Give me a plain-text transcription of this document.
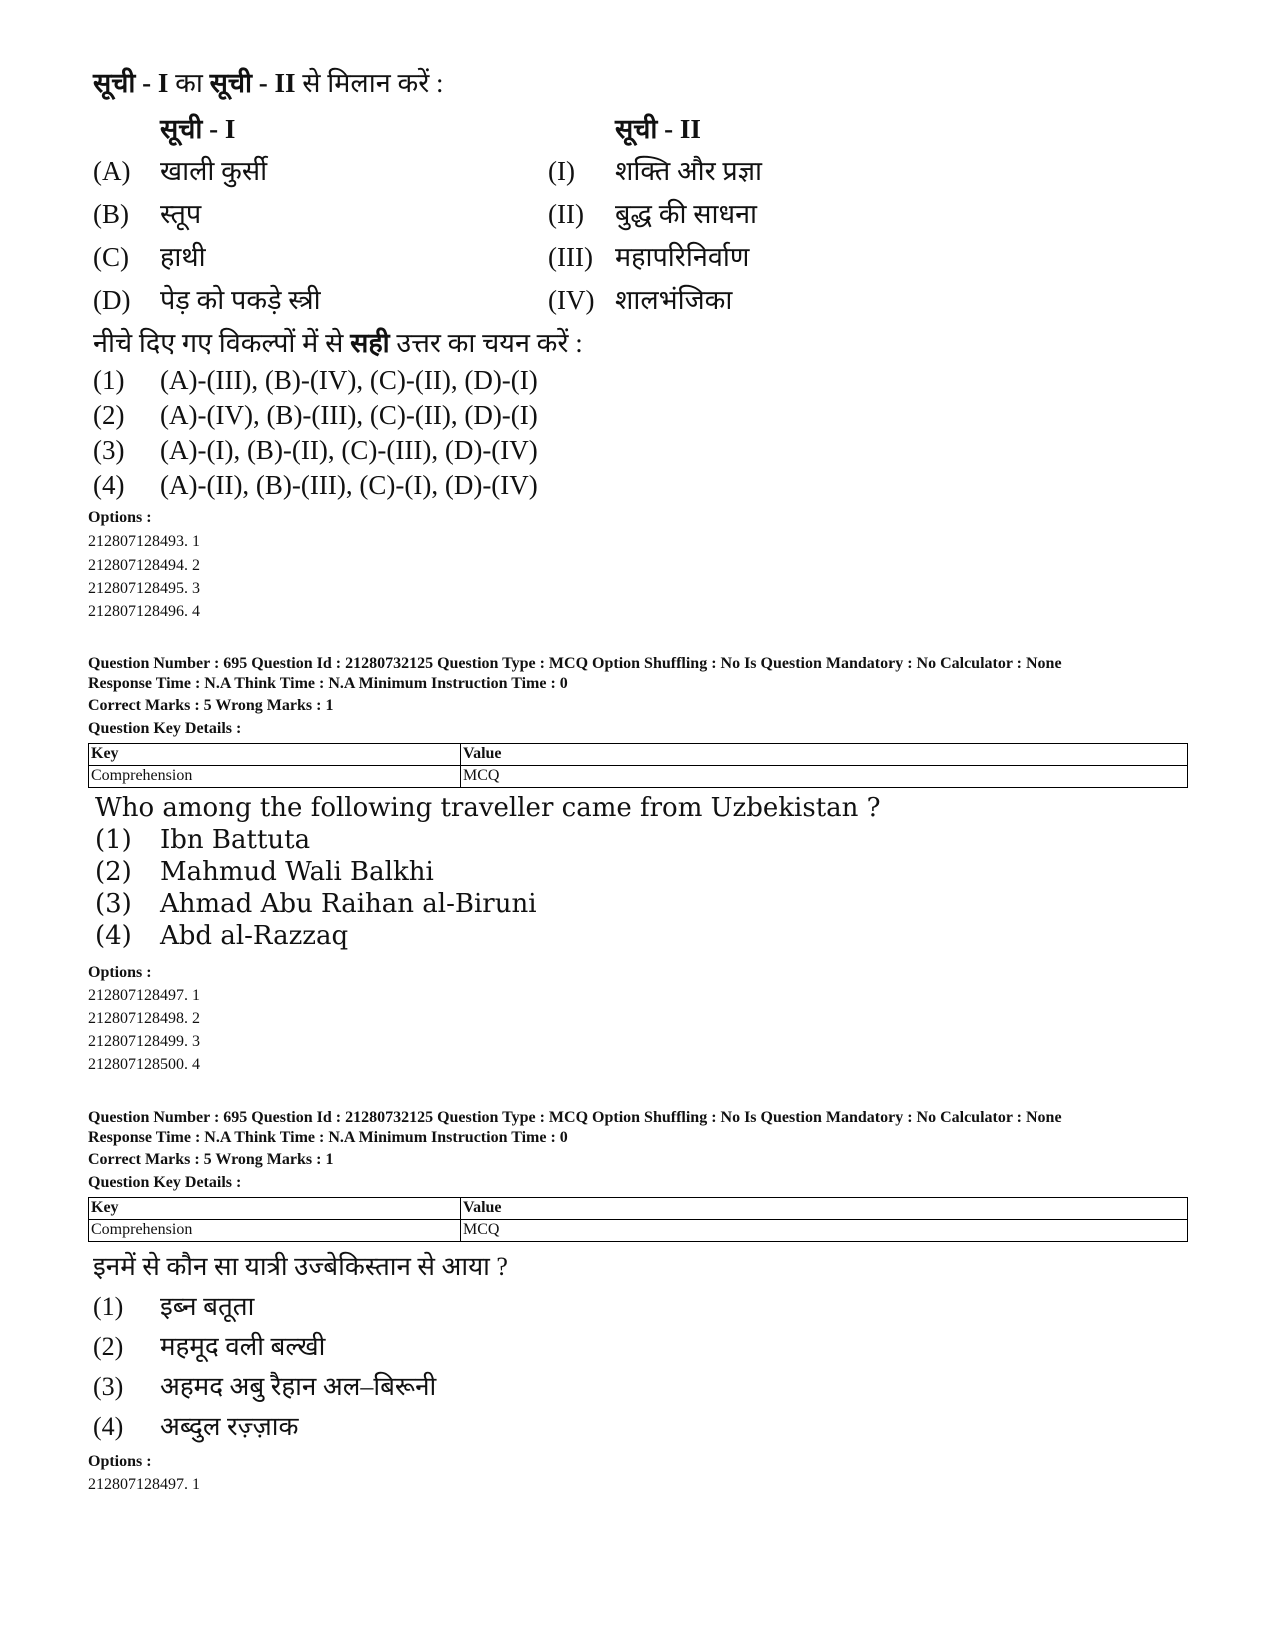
सूची - I का सूची - II से मिलान करें :
सूची - I	सूची - II
(A)	खाली कुर्सी	(I)	शक्ति और प्रज्ञा
(B)	स्तूप	(II)	बुद्ध की साधना
(C)	हाथी	(III) महापरिनिर्वाण
(D)	पेड़ को पकड़े स्त्री	(IV) शालभंजिका
नीचे दिए गए विकल्पों में से सही उत्तर का चयन करें :
(1) (A)-(III), (B)-(IV), (C)-(II), (D)-(I)
(2) (A)-(IV), (B)-(III), (C)-(II), (D)-(I)
(3) (A)-(I), (B)-(II), (C)-(III), (D)-(IV)
(4) (A)-(II), (B)-(III), (C)-(I), (D)-(IV)
Options :
212807128493. 1
212807128494. 2
212807128495. 3
212807128496. 4
Question Number : 695 Question Id : 21280732125 Question Type : MCQ Option Shuffling : No Is Question Mandatory : No Calculator : None
Response Time : N.A Think Time : N.A Minimum Instruction Time : 0
Correct Marks : 5 Wrong Marks : 1
Question Key Details :
Key	Value
Comprehension	MCQ
Who among the following traveller came from Uzbekistan ?
(1) Ibn Battuta
(2) Mahmud Wali Balkhi
(3) Ahmad Abu Raihan al-Biruni
(4) Abd al-Razzaq
Options :
212807128497. 1
212807128498. 2
212807128499. 3
212807128500. 4
Question Number : 695 Question Id : 21280732125 Question Type : MCQ Option Shuffling : No Is Question Mandatory : No Calculator : None
Response Time : N.A Think Time : N.A Minimum Instruction Time : 0
Correct Marks : 5 Wrong Marks : 1
Question Key Details :
Key	Value
Comprehension	MCQ
इनमें से कौन सा यात्री उज्बेकिस्तान से आया ?
(1) इब्न बतूता
(2) महमूद वली बल्खी
(3) अहमद अबु रैहान अल–बिरूनी
(4) अब्दुल रज़्ज़ाक
Options :
212807128497. 1
